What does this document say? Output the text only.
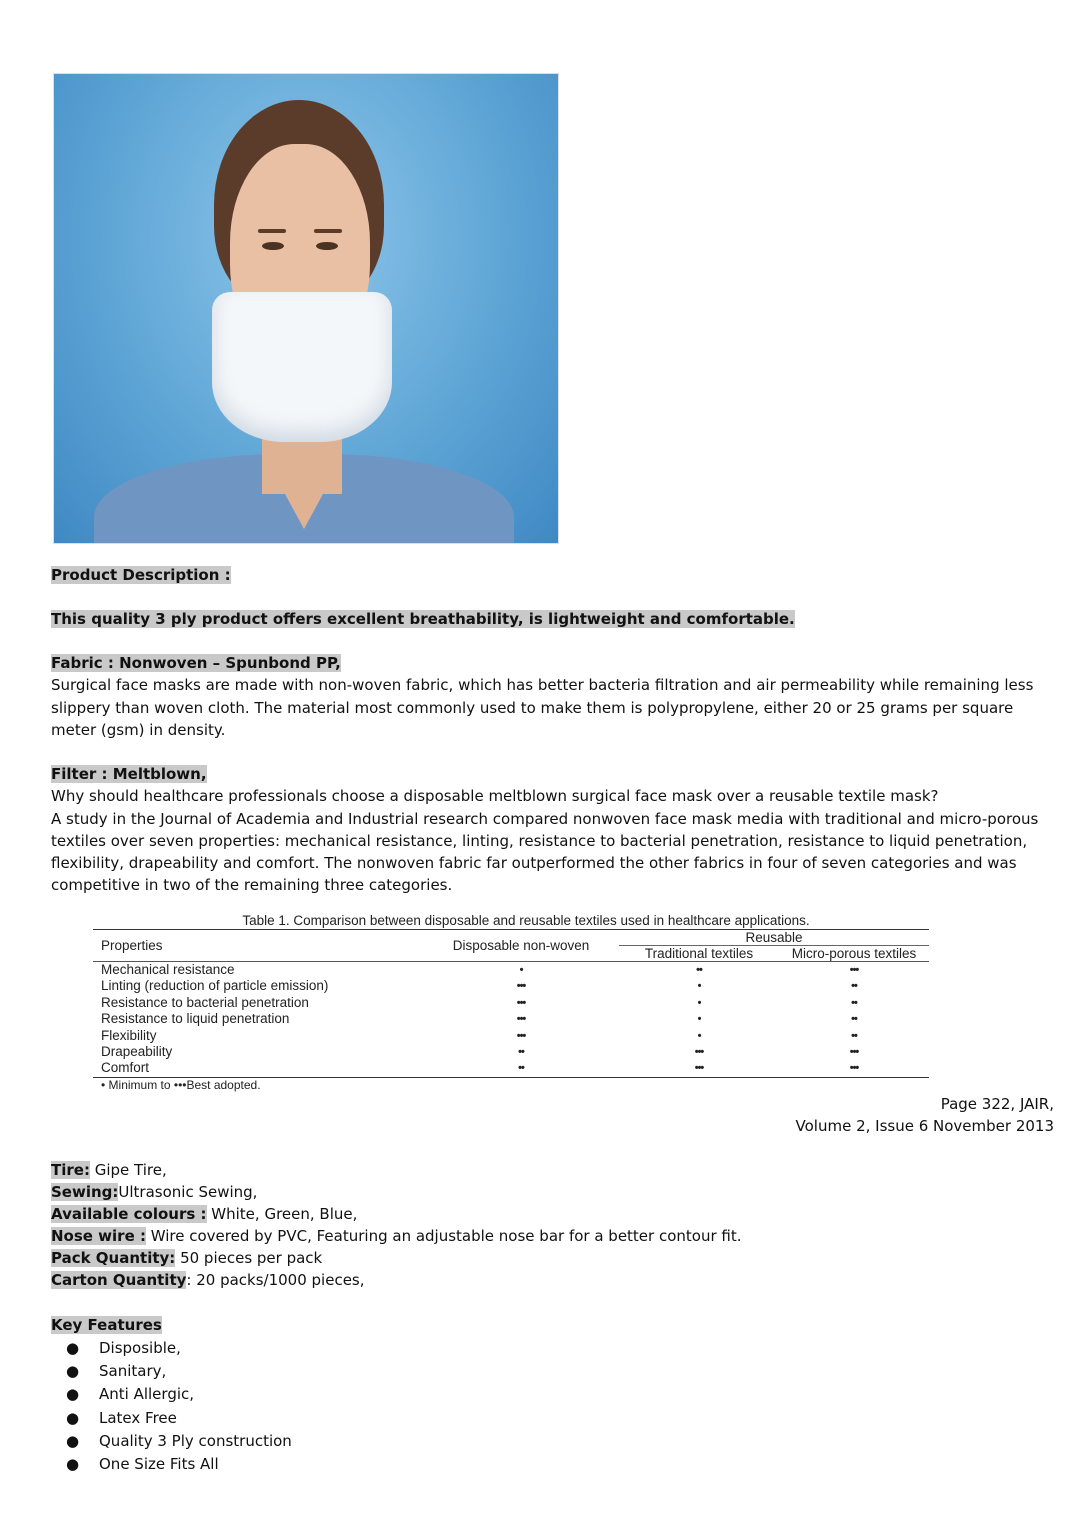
Product Description :

This quality 3 ply product offers excellent breathability, is lightweight and comfortable.

Fabric : Nonwoven – Spunbond PP,

Surgical face masks are made with non-woven fabric, which has better bacteria filtration and air permeability while remaining less slippery than woven cloth. The material most commonly used to make them is polypropylene, either 20 or 25 grams per square meter (gsm) in density.

Filter : Meltblown,

Why should healthcare professionals choose a disposable meltblown surgical face mask over a reusable textile mask?

A study in the Journal of Academia and Industrial research compared nonwoven face mask media with traditional and micro-porous textiles over seven properties: mechanical resistance, linting, resistance to bacterial penetration, resistance to liquid penetration, flexibility, drapeability and comfort. The nonwoven fabric far outperformed the other fabrics in four of seven categories and was competitive in two of the remaining three categories.

Table 1. Comparison between disposable and reusable textiles used in healthcare applications.
Properties	Disposable non-woven	Reusable	
		Traditional textiles	Micro-porous textiles
Mechanical resistance	•	••	•••
Linting (reduction of particle emission)	•••	•	••
Resistance to bacterial penetration	•••	•	••
Resistance to liquid penetration	•••	•	••
Flexibility	•••	•	••
Drapeability	••	•••	•••
Comfort	••	•••	•••
• Minimum to •••Best adopted.
Page 322, JAIR,
Volume 2, Issue 6 November 2013

Tire: Gipe Tire,

Sewing:Ultrasonic Sewing,

Available colours : White, Green, Blue,

Nose wire : Wire covered by PVC, Featuring an adjustable nose bar for a better contour fit.

Pack Quantity: 50 pieces per pack

Carton Quantity: 20 packs/1000 pieces,

Key Features

● Disposible,
● Sanitary,
● Anti Allergic,
● Latex Free
● Quality 3 Ply construction
● One Size Fits All
